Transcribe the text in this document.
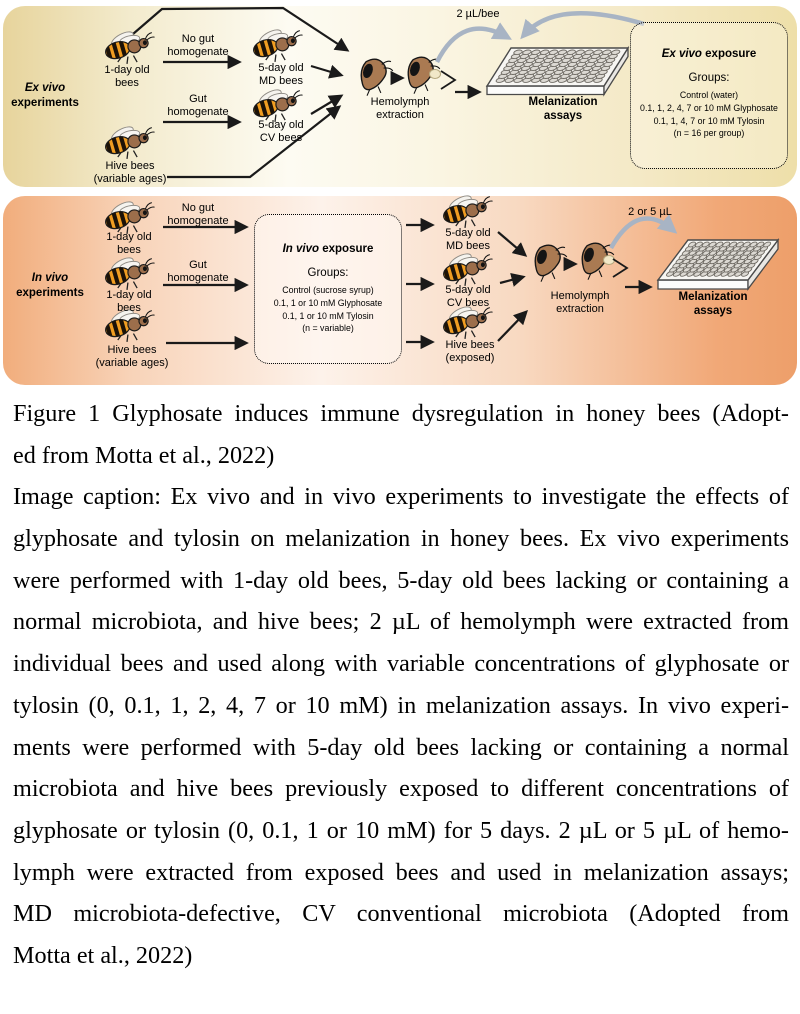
Ex vivo
experiments
1-day old
bees
No gut
homogenate
Gut
homogenate
5-day old
MD bees
5-day old
CV bees
Hive bees
(variable ages)
Hemolymph
extraction
2 µL/bee
Melanization
assays
Ex vivo exposure
Groups:
Control (water)
0.1, 1, 2, 4, 7 or 10 mM Glyphosate
0.1, 1, 4, 7 or 10 mM Tylosin
(n = 16 per group)
In vivo
experiments
1-day old
bees
No gut
homogenate
1-day old
bees
Gut
homogenate
Hive bees
(variable ages)
5-day old
MD bees
5-day old
CV bees
Hive bees
(exposed)
Hemolymph
extraction
2 or 5 µL
Melanization
assays
In vivo exposure
Groups:
Control (sucrose syrup)
0.1, 1 or 10 mM Glyphosate
0.1, 1 or 10 mM Tylosin
(n = variable)
Figure 1 Glyphosate induces immune dysregulation in honey bees (Adopt-
ed from Motta et al., 2022)
Image caption: Ex vivo and in vivo experiments to investigate the effects of
glyphosate and tylosin on melanization in honey bees. Ex vivo experiments
were performed with 1-day old bees, 5-day old bees lacking or containing a
normal microbiota, and hive bees; 2 µL of hemolymph were extracted from
individual bees and used along with variable concentrations of glyphosate or
tylosin (0, 0.1, 1, 2, 4, 7 or 10 mM) in melanization assays. In vivo experi-
ments were performed with 5-day old bees lacking or containing a normal
microbiota and hive bees previously exposed to different concentrations of
glyphosate or tylosin (0, 0.1, 1 or 10 mM) for 5 days. 2 µL or 5 µL of hemo-
lymph were extracted from exposed bees and used in melanization assays;
MD microbiota-defective, CV conventional microbiota (Adopted from
Motta et al., 2022)
